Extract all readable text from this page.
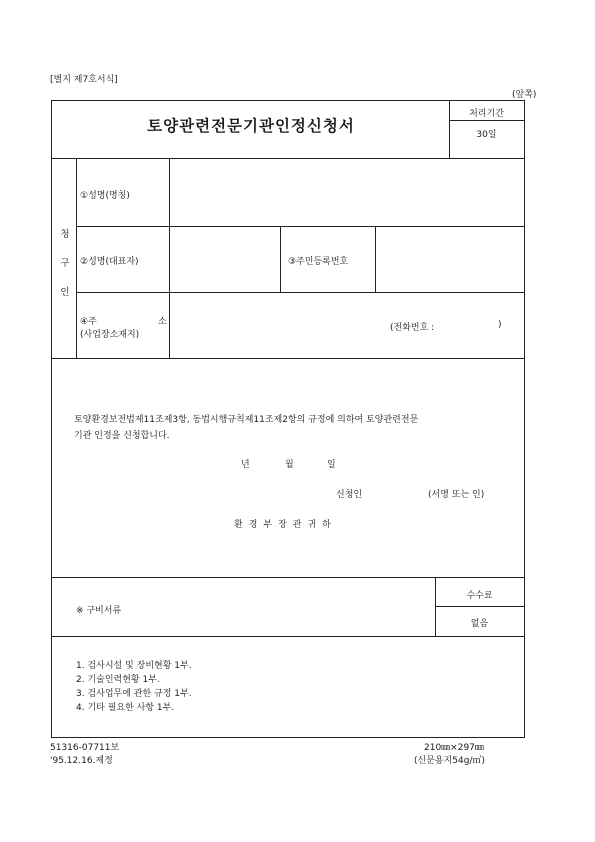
[별지 제7호서식]
(앞쪽)
토양관련전문기관인정신청서
처리기간
30일
청
구
인
①성명(명칭)
②성명(대표자)	③주민등록번호
④주	소
(사업장소재지)
(전화번호 :	)
토양환경보전법제11조제3항, 동법시행규칙제11조제2항의 규정에 의하여 토양관련전문
기관 인정을 신청합니다.
년	월	일
신청인	(서명 또는 인)
환경부장관귀하
※ 구비서류
수수료
없음
1. 검사시설 및 장비현황 1부.
2. 기술인력현황 1부.
3. 검사업무에 관한 규정 1부.
4. 기타 필요한 사항 1부.
51316-07711보
'95.12.16.제정
210㎜×297㎜
(신문용지54g/㎡)
